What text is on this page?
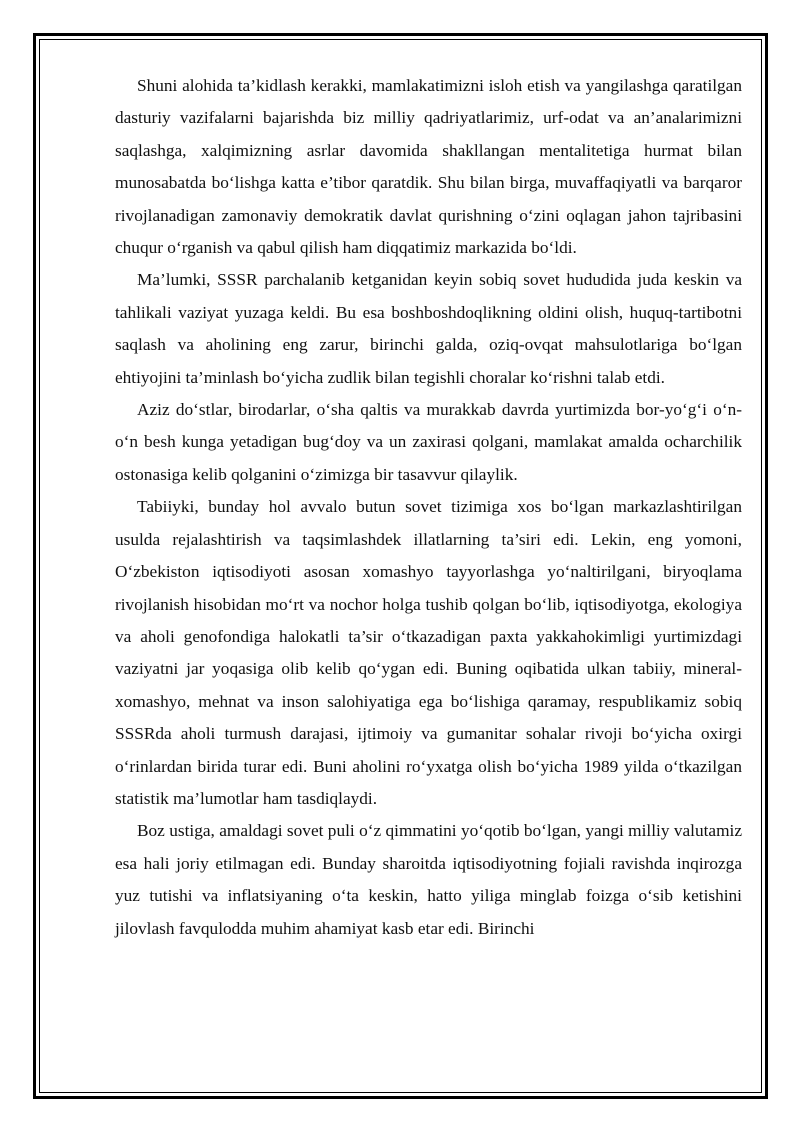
Shuni alohida ta’kidlash kerakki, mamlakatimizni isloh etish va yangilashga qaratilgan dasturiy vazifalarni bajarishda biz milliy qadriyatlarimiz, urf-odat va an’analarimizni saqlashga, xalqimizning asrlar davomida shakllangan mentalitetiga hurmat bilan munosabatda bo‘lishga katta e’tibor qaratdik. Shu bilan birga, muvaffaqiyatli va barqaror rivojlanadigan zamonaviy demokratik davlat qurishning o‘zini oqlagan jahon tajribasini chuqur o‘rganish va qabul qilish ham diqqatimiz markazida bo‘ldi.

Ma’lumki, SSSR parchalanib ketganidan keyin sobiq sovet hududida juda keskin va tahlikali vaziyat yuzaga keldi. Bu esa boshboshdoqlikning oldini olish, huquq-tartibotni saqlash va aholining eng zarur, birinchi galda, oziq-ovqat mahsulotlariga bo‘lgan ehtiyojini ta’minlash bo‘yicha zudlik bilan tegishli choralar ko‘rishni talab etdi.

Aziz do‘stlar, birodarlar, o‘sha qaltis va murakkab davrda yurtimizda bor-yo‘g‘i o‘n-o‘n besh kunga yetadigan bug‘doy va un zaxirasi qolgani, mamlakat amalda ocharchilik ostonasiga kelib qolganini o‘zimizga bir tasavvur qilaylik.

Tabiiyki, bunday hol avvalo butun sovet tizimiga xos bo‘lgan markazlashtirilgan usulda rejalashtirish va taqsimlashdek illatlarning ta’siri edi. Lekin, eng yomoni, O‘zbekiston iqtisodiyoti asosan xomashyo tayyorlashga yo‘naltirilgani, biryoqlama rivojlanish hisobidan mo‘rt va nochor holga tushib qolgan bo‘lib, iqtisodiyotga, ekologiya va aholi genofondiga halokatli ta’sir o‘tkazadigan paxta yakkahokimligi yurtimizdagi vaziyatni jar yoqasiga olib kelib qo‘ygan edi. Buning oqibatida ulkan tabiiy, mineral-xomashyo, mehnat va inson salohiyatiga ega bo‘lishiga qaramay, respublikamiz sobiq SSSRda aholi turmush darajasi, ijtimoiy va gumanitar sohalar rivoji bo‘yicha oxirgi o‘rinlardan birida turar edi. Buni aholini ro‘yxatga olish bo‘yicha 1989 yilda o‘tkazilgan statistik ma’lumotlar ham tasdiqlaydi.

Boz ustiga, amaldagi sovet puli o‘z qimmatini yo‘qotib bo‘lgan, yangi milliy valutamiz esa hali joriy etilmagan edi. Bunday sharoitda iqtisodiyotning fojiali ravishda inqirozga yuz tutishi va inflatsiyaning o‘ta keskin, hatto yiliga minglab foizga o‘sib ketishini jilovlash favqulodda muhim ahamiyat kasb etar edi. Birinchi
